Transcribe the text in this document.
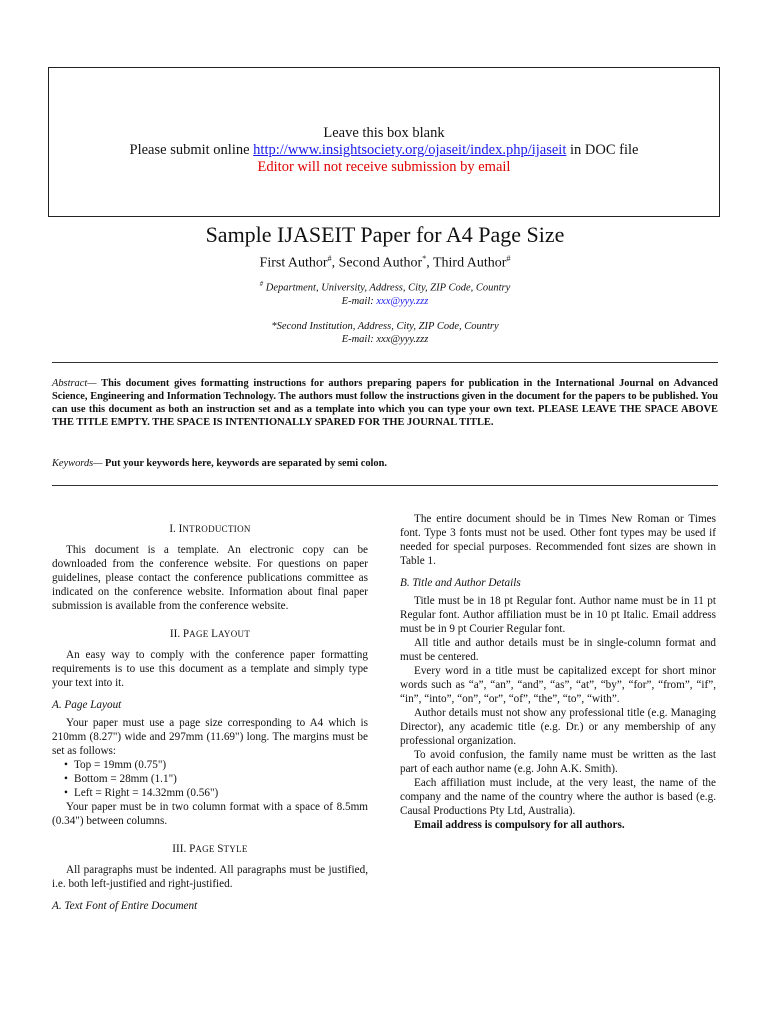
Leave this box blank
Please submit online http://www.insightsociety.org/ojaseit/index.php/ijaseit in DOC file
Editor will not receive submission by email
Sample IJASEIT Paper for A4 Page Size
First Author#, Second Author*, Third Author#
# Department, University, Address, City, ZIP Code, Country
E-mail: xxx@yyy.zzz
*Second Institution, Address, City, ZIP Code, Country
E-mail: xxx@yyy.zzz
Abstract— This document gives formatting instructions for authors preparing papers for publication in the International Journal on Advanced Science, Engineering and Information Technology. The authors must follow the instructions given in the document for the papers to be published. You can use this document as both an instruction set and as a template into which you can type your own text. PLEASE LEAVE THE SPACE ABOVE THE TITLE EMPTY. THE SPACE IS INTENTIONALLY SPARED FOR THE JOURNAL TITLE.
Keywords— Put your keywords here, keywords are separated by semi colon.
I. INTRODUCTION

This document is a template. An electronic copy can be downloaded from the conference website. For questions on paper guidelines, please contact the conference publications committee as indicated on the conference website. Information about final paper submission is available from the conference website.

II. PAGE LAYOUT

An easy way to comply with the conference paper formatting requirements is to use this document as a template and simply type your text into it.

A. Page Layout

Your paper must use a page size corresponding to A4 which is 210mm (8.27") wide and 297mm (11.69") long. The margins must be set as follows:

• Top = 19mm (0.75")
• Bottom = 28mm (1.1")
• Left = Right = 14.32mm (0.56")

Your paper must be in two column format with a space of 8.5mm (0.34") between columns.

III. PAGE STYLE

All paragraphs must be indented. All paragraphs must be justified, i.e. both left-justified and right-justified.

A. Text Font of Entire Document

The entire document should be in Times New Roman or Times font. Type 3 fonts must not be used. Other font types may be used if needed for special purposes. Recommended font sizes are shown in Table 1.

B. Title and Author Details

Title must be in 18 pt Regular font. Author name must be in 11 pt Regular font. Author affiliation must be in 10 pt Italic. Email address must be in 9 pt Courier Regular font.

All title and author details must be in single-column format and must be centered.

Every word in a title must be capitalized except for short minor words such as “a”, “an”, “and”, “as”, “at”, “by”, “for”, “from”, “if”, “in”, “into”, “on”, “or”, “of”, “the”, “to”, “with”.

Author details must not show any professional title (e.g. Managing Director), any academic title (e.g. Dr.) or any membership of any professional organization.

To avoid confusion, the family name must be written as the last part of each author name (e.g. John A.K. Smith).

Each affiliation must include, at the very least, the name of the company and the name of the country where the author is based (e.g. Causal Productions Pty Ltd, Australia).

Email address is compulsory for all authors.
